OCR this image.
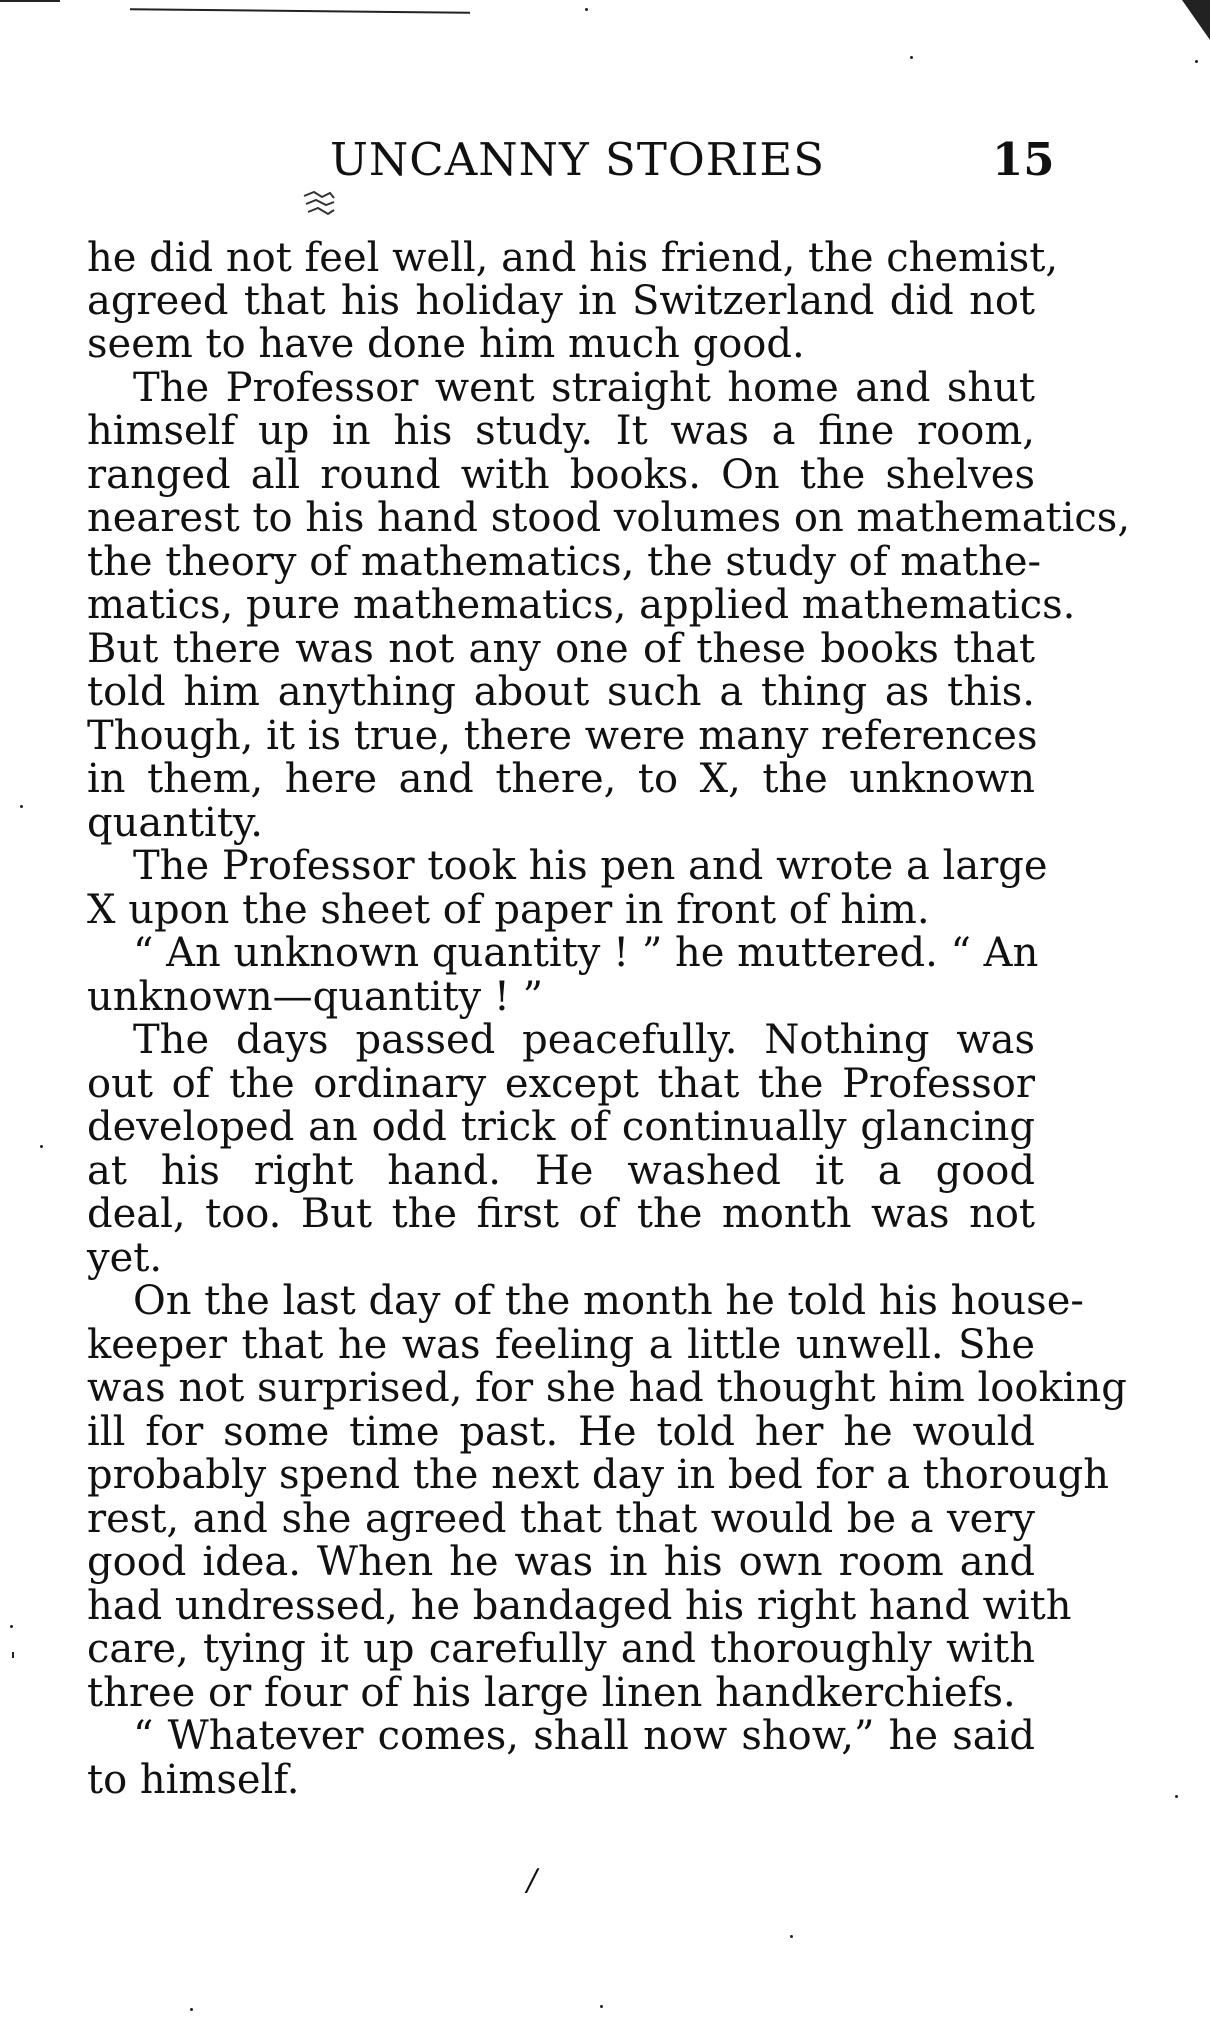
UNCANNY STORIES	15
he did not feel well, and his friend, the chemist,
agreed that his holiday in Switzerland did not
seem to have done him much good.
The Professor went straight home and shut
himself up in his study. It was a fine room,
ranged all round with books. On the shelves
nearest to his hand stood volumes on mathematics,
the theory of mathematics, the study of mathe-
matics, pure mathematics, applied mathematics.
But there was not any one of these books that
told him anything about such a thing as this.
Though, it is true, there were many references
in them, here and there, to X, the unknown
quantity.
The Professor took his pen and wrote a large
X upon the sheet of paper in front of him.
“ An unknown quantity ! ” he muttered. “ An
unknown—quantity ! ”
The days passed peacefully. Nothing was
out of the ordinary except that the Professor
developed an odd trick of continually glancing
at his right hand. He washed it a good
deal, too. But the first of the month was not
yet.
On the last day of the month he told his house-
keeper that he was feeling a little unwell. She
was not surprised, for she had thought him looking
ill for some time past. He told her he would
probably spend the next day in bed for a thorough
rest, and she agreed that that would be a very
good idea. When he was in his own room and
had undressed, he bandaged his right hand with
care, tying it up carefully and thoroughly with
three or four of his large linen handkerchiefs.
“ Whatever comes, shall now show,” he said
to himself.
/
